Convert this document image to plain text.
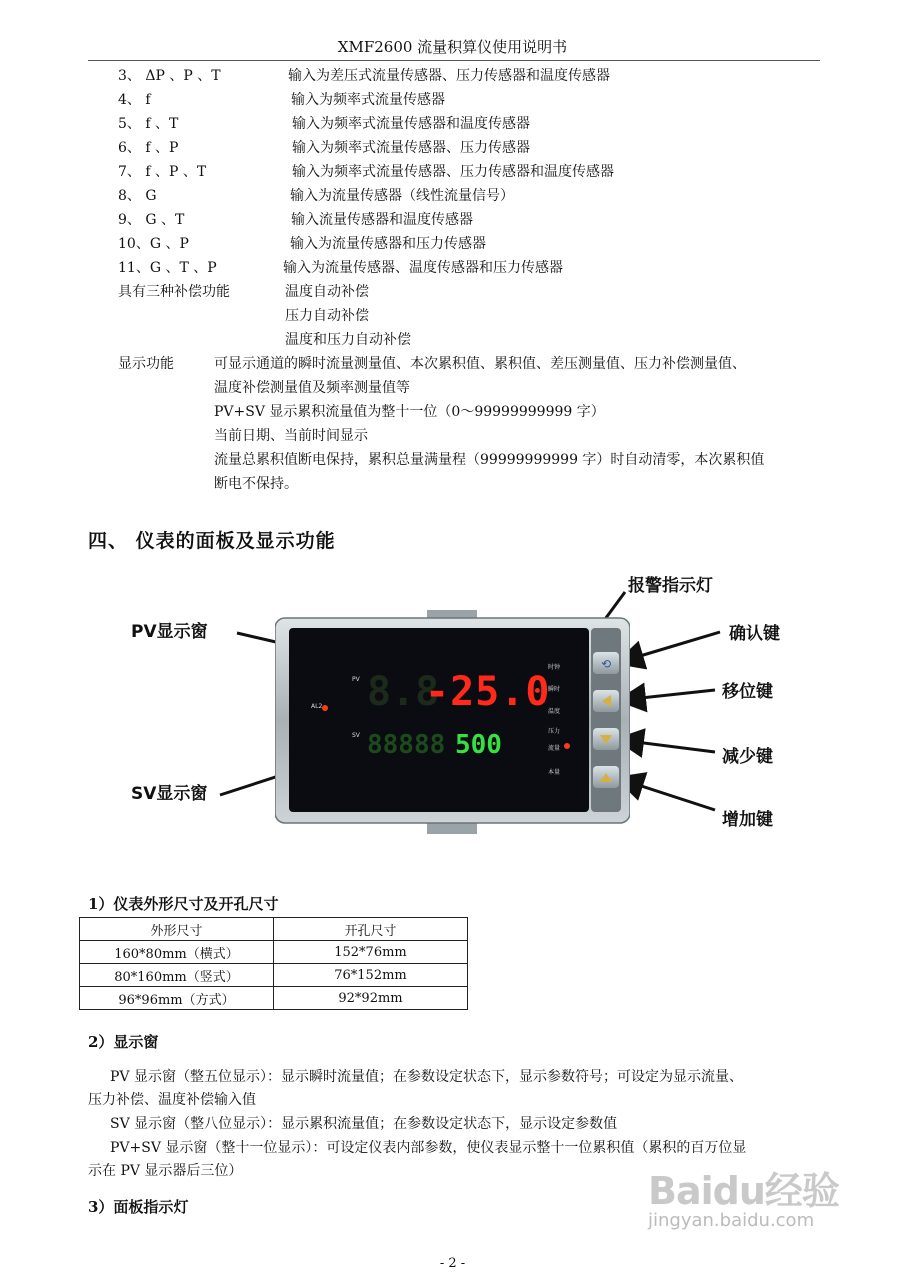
XMF2600 流量积算仪使用说明书
3、 ΔP 、P 、T	输入为差压式流量传感器、压力传感器和温度传感器
4、 f	输入为频率式流量传感器
5、 f 、T	输入为频率式流量传感器和温度传感器
6、 f 、P	输入为频率式流量传感器、压力传感器
7、 f 、P 、T	输入为频率式流量传感器、压力传感器和温度传感器
8、 G	输入为流量传感器（线性流量信号）
9、 G 、T	输入流量传感器和温度传感器
10、G 、P	输入为流量传感器和压力传感器
11、G 、T 、P	输入为流量传感器、温度传感器和压力传感器
具有三种补偿功能	温度自动补偿
压力自动补偿
温度和压力自动补偿
显示功能	可显示通道的瞬时流量测量值、本次累积值、累积值、差压测量值、压力补偿测量值、
温度补偿测量值及频率测量值等
PV+SV 显示累积流量值为整十一位（0～99999999999 字）
当前日期、当前时间显示
流量总累积值断电保持，累积总量满量程（99999999999 字）时自动清零，本次累积值
断电不保持。
四、 仪表的面板及显示功能
报警指示灯
PV显示窗	确认键
移位键
减少键
SV显示窗
增加键
⟲
AL2
PV
SV
8.8
-25.0
88888 500
时钟
瞬时
温度
压力
流量
本量
1）仪表外形尺寸及开孔尺寸
外形尺寸	开孔尺寸
160*80mm（横式）	152*76mm
80*160mm（竖式）	76*152mm
96*96mm（方式）	92*92mm
2）显示窗
PV 显示窗（整五位显示）：显示瞬时流量值；在参数设定状态下，显示参数符号；可设定为显示流量、
压力补偿、温度补偿输入值
SV 显示窗（整八位显示）：显示累积流量值；在参数设定状态下，显示设定参数值
PV+SV 显示窗（整十一位显示）：可设定仪表内部参数，使仪表显示整十一位累积值（累积的百万位显
示在 PV 显示器后三位）
3）面板指示灯
- 2 -
Baidu经验
jingyan.baidu.com
